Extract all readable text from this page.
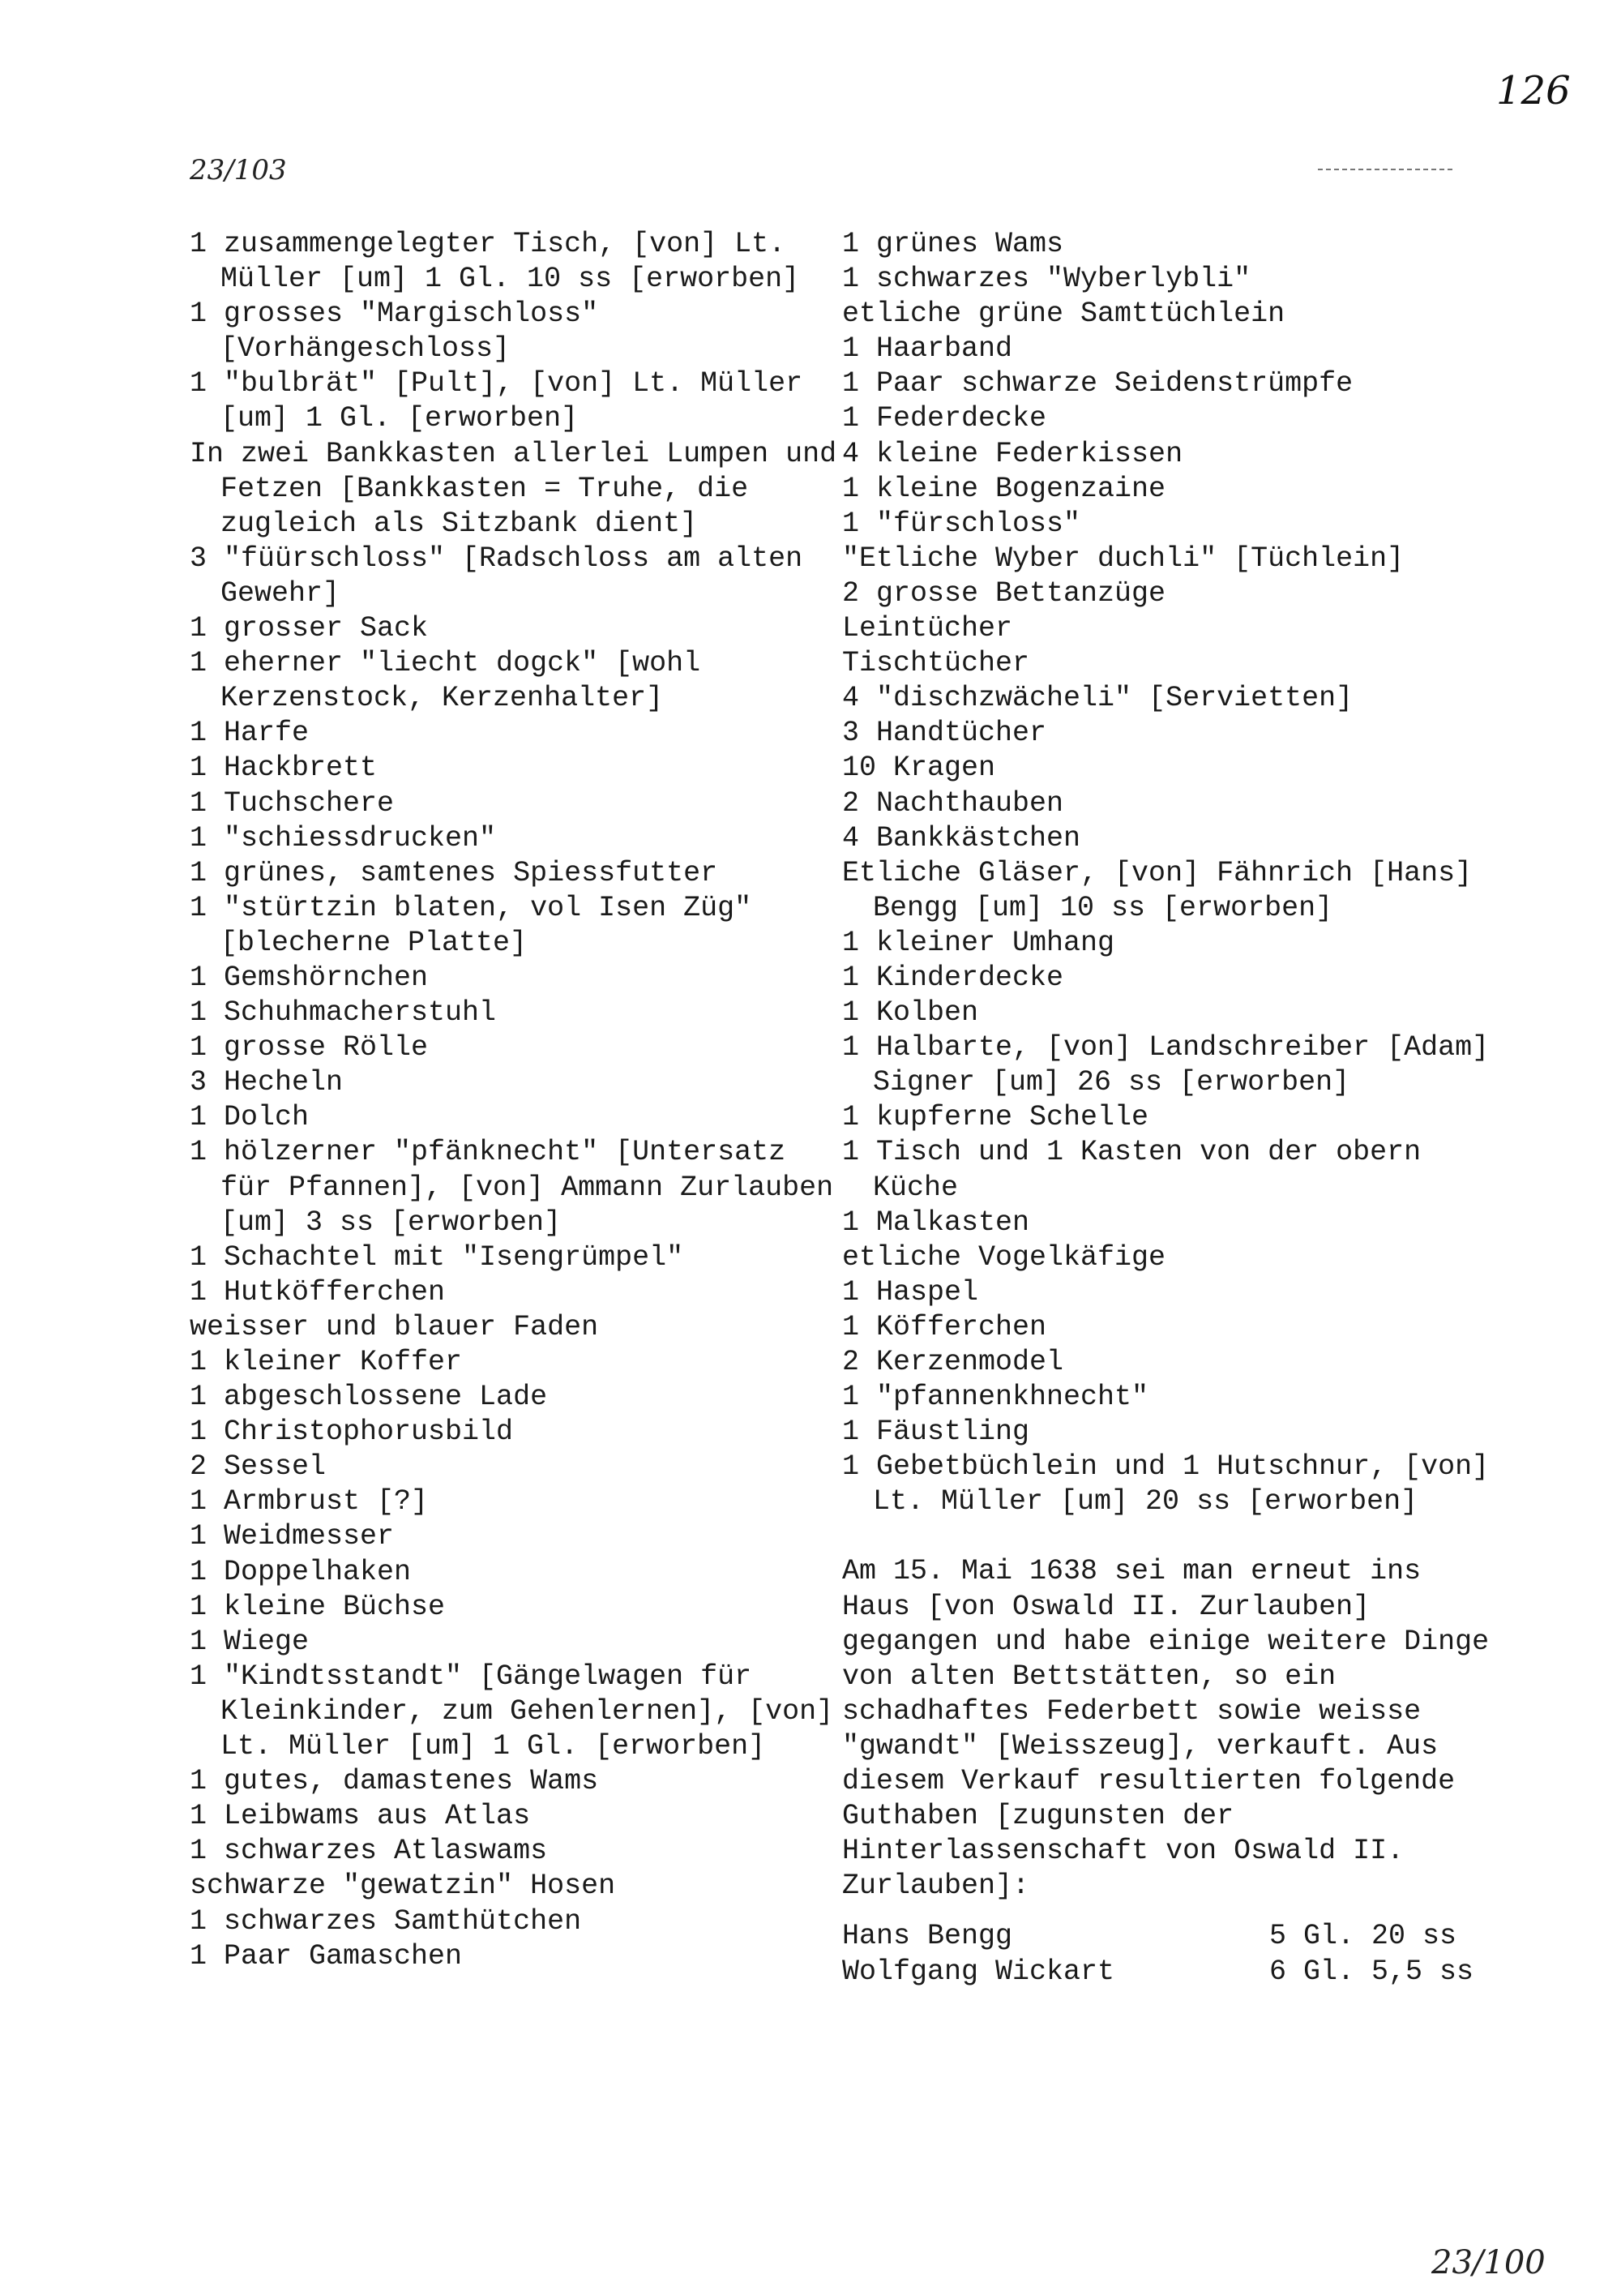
126
23/103
1 zusammengelegter Tisch, [von] Lt. Müller [um] 1 Gl. 10 ss [erworben]
1 grosses "Margischloss" [Vorhängeschloss]
1 "bulbrät" [Pult], [von] Lt. Müller [um] 1 Gl. [erworben]
In zwei Bankkasten allerlei Lumpen und Fetzen [Bankkasten = Truhe, die zugleich als Sitzbank dient]
3 "füürschloss" [Radschloss am alten Gewehr]
1 grosser Sack
1 eherner "liecht dogck" [wohl Kerzenstock, Kerzenhalter]
1 Harfe
1 Hackbrett
1 Tuchschere
1 "schiessdrucken"
1 grünes, samtenes Spiessfutter
1 "stürtzin blaten, vol Isen Züg" [blecherne Platte]
1 Gemshörnchen
1 Schuhmacherstuhl
1 grosse Rölle
3 Hecheln
1 Dolch
1 hölzerner "pfänknecht" [Untersatz für Pfannen], [von] Ammann Zurlauben [um] 3 ss [erworben]
1 Schachtel mit "Isengrümpel"
1 Hutköfferchen
weisser und blauer Faden
1 kleiner Koffer
1 abgeschlossene Lade
1 Christophorusbild
2 Sessel
1 Armbrust [?]
1 Weidmesser
1 Doppelhaken
1 kleine Büchse
1 Wiege
1 "Kindtsstandt" [Gängelwagen für Kleinkinder, zum Gehenlernen], [von] Lt. Müller [um] 1 Gl. [erworben]
1 gutes, damastenes Wams
1 Leibwams aus Atlas
1 schwarzes Atlaswams
schwarze "gewatzin" Hosen
1 schwarzes Samthütchen
1 Paar Gamaschen
1 grünes Wams
1 schwarzes "Wyberlybli"
etliche grüne Samttüchlein
1 Haarband
1 Paar schwarze Seidenstrümpfe
1 Federdecke
4 kleine Federkissen
1 kleine Bogenzaine
1 "fürschloss"
"Etliche Wyber duchli" [Tüchlein]
2 grosse Bettanzüge
Leintücher
Tischtücher
4 "dischzwächeli" [Servietten]
3 Handtücher
10 Kragen
2 Nachthauben
4 Bankkästchen
Etliche Gläser, [von] Fähnrich [Hans] Bengg [um] 10 ss [erworben]
1 kleiner Umhang
1 Kinderdecke
1 Kolben
1 Halbarte, [von] Landschreiber [Adam] Signer [um] 26 ss [erworben]
1 kupferne Schelle
1 Tisch und 1 Kasten von der obern Küche
1 Malkasten
etliche Vogelkäfige
1 Haspel
1 Köfferchen
2 Kerzenmodel
1 "pfannenkhnecht"
1 Fäustling
1 Gebetbüchlein und 1 Hutschnur, [von] Lt. Müller [um] 20 ss [erworben]
Am 15. Mai 1638 sei man erneut ins Haus [von Oswald II. Zurlauben] gegangen und habe einige weitere Dinge von alten Bettstätten, so ein schadhaftes Federbett sowie weisse "gwandt" [Weisszeug], verkauft. Aus diesem Verkauf resultierten folgende Guthaben [zugunsten der Hinterlassenschaft von Oswald II. Zurlauben]:
Hans Bengg	5 Gl. 20 ss
Wolfgang Wickart	6 Gl. 5,5 ss
23/100
